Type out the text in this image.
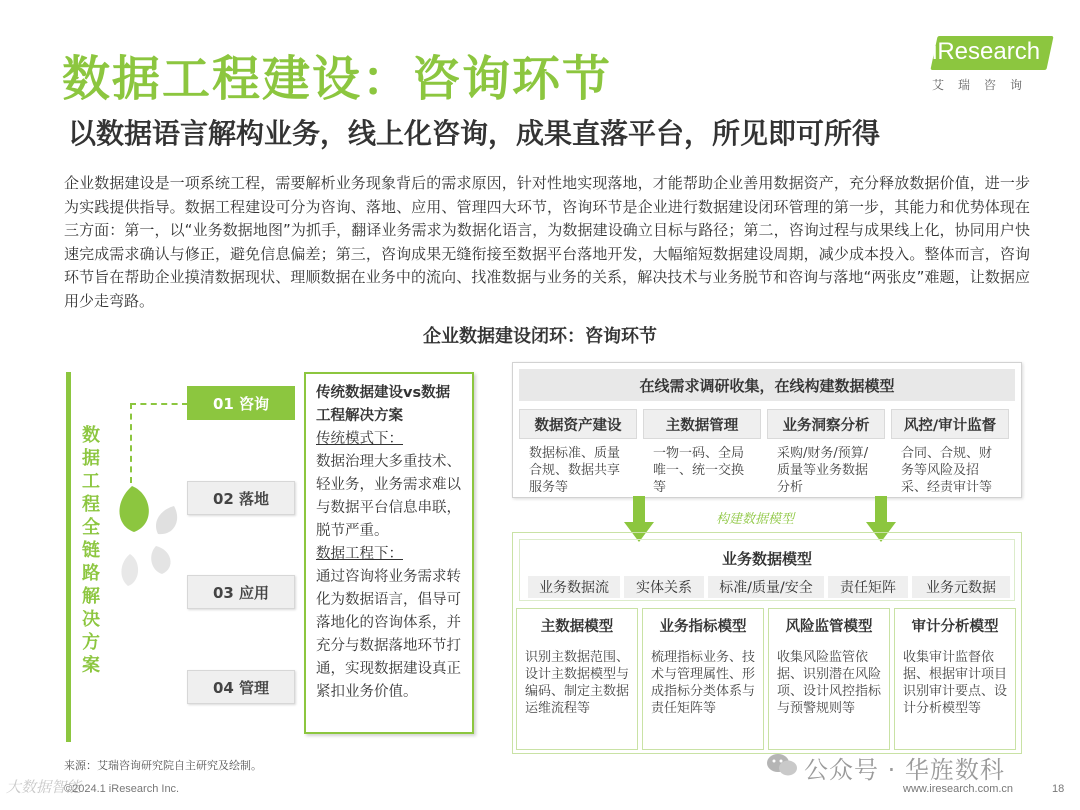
数据工程建设：咨询环节
以数据语言解构业务，线上化咨询，成果直落平台，所见即可所得
iResearch
艾瑞咨询

企业数据建设是一项系统工程，需要解析业务现象背后的需求原因，针对性地实现落地，才能帮助企业善用数据资产，充分释放数据价值，进一步为实践提供指导。数据工程建设可分为咨询、落地、应用、管理四大环节，咨询环节是企业进行数据建设闭环管理的第一步，其能力和优势体现在三方面：第一，以“业务数据地图”为抓手，翻译业务需求为数据化语言，为数据建设确立目标与路径；第二，咨询过程与成果线上化，协同用户快速完成需求确认与修正，避免信息偏差；第三，咨询成果无缝衔接至数据平台落地开发，大幅缩短数据建设周期，减少成本投入。整体而言，咨询环节旨在帮助企业摸清数据现状、理顺数据在业务中的流向、找准数据与业务的关系，解决技术与业务脱节和咨询与落地“两张皮”难题，让数据应用少走弯路。

企业数据建设闭环：咨询环节
数据工程全链路解决方案
01 咨询
02 落地
03 应用
04 管理
传统数据建设vs数据工程解决方案
传统模式下：
数据治理大多重技术、轻业务，业务需求难以与数据平台信息串联，脱节严重。
数据工程下：
通过咨询将业务需求转化为数据语言，倡导可落地化的咨询体系，并充分与数据落地环节打通，实现数据建设真正紧扣业务价值。
在线需求调研收集，在线构建数据模型
数据资产建设
数据标准、质量合规、数据共享服务等
主数据管理
一物一码、全局唯一、统一交换等
业务洞察分析
采购/财务/预算/质量等业务数据分析
风控/审计监督
合同、合规、财务等风险及招采、经责审计等
构建数据模型
业务数据模型
业务数据流	实体关系	标准/质量/安全	责任矩阵	业务元数据
主数据模型
识别主数据范围、设计主数据模型与编码、制定主数据运维流程等
业务指标模型
梳理指标业务、技术与管理属性、形成指标分类体系与责任矩阵等
风险监管模型
收集风险监管依据、识别潜在风险项、设计风控指标与预警规则等
审计分析模型
收集审计监督依据、根据审计项目识别审计要点、设计分析模型等
来源：艾瑞咨询研究院自主研究及绘制。
大数据智能
©2024.1 iResearch Inc.
公众号 · 华旌数科
www.iresearch.com.cn	18
